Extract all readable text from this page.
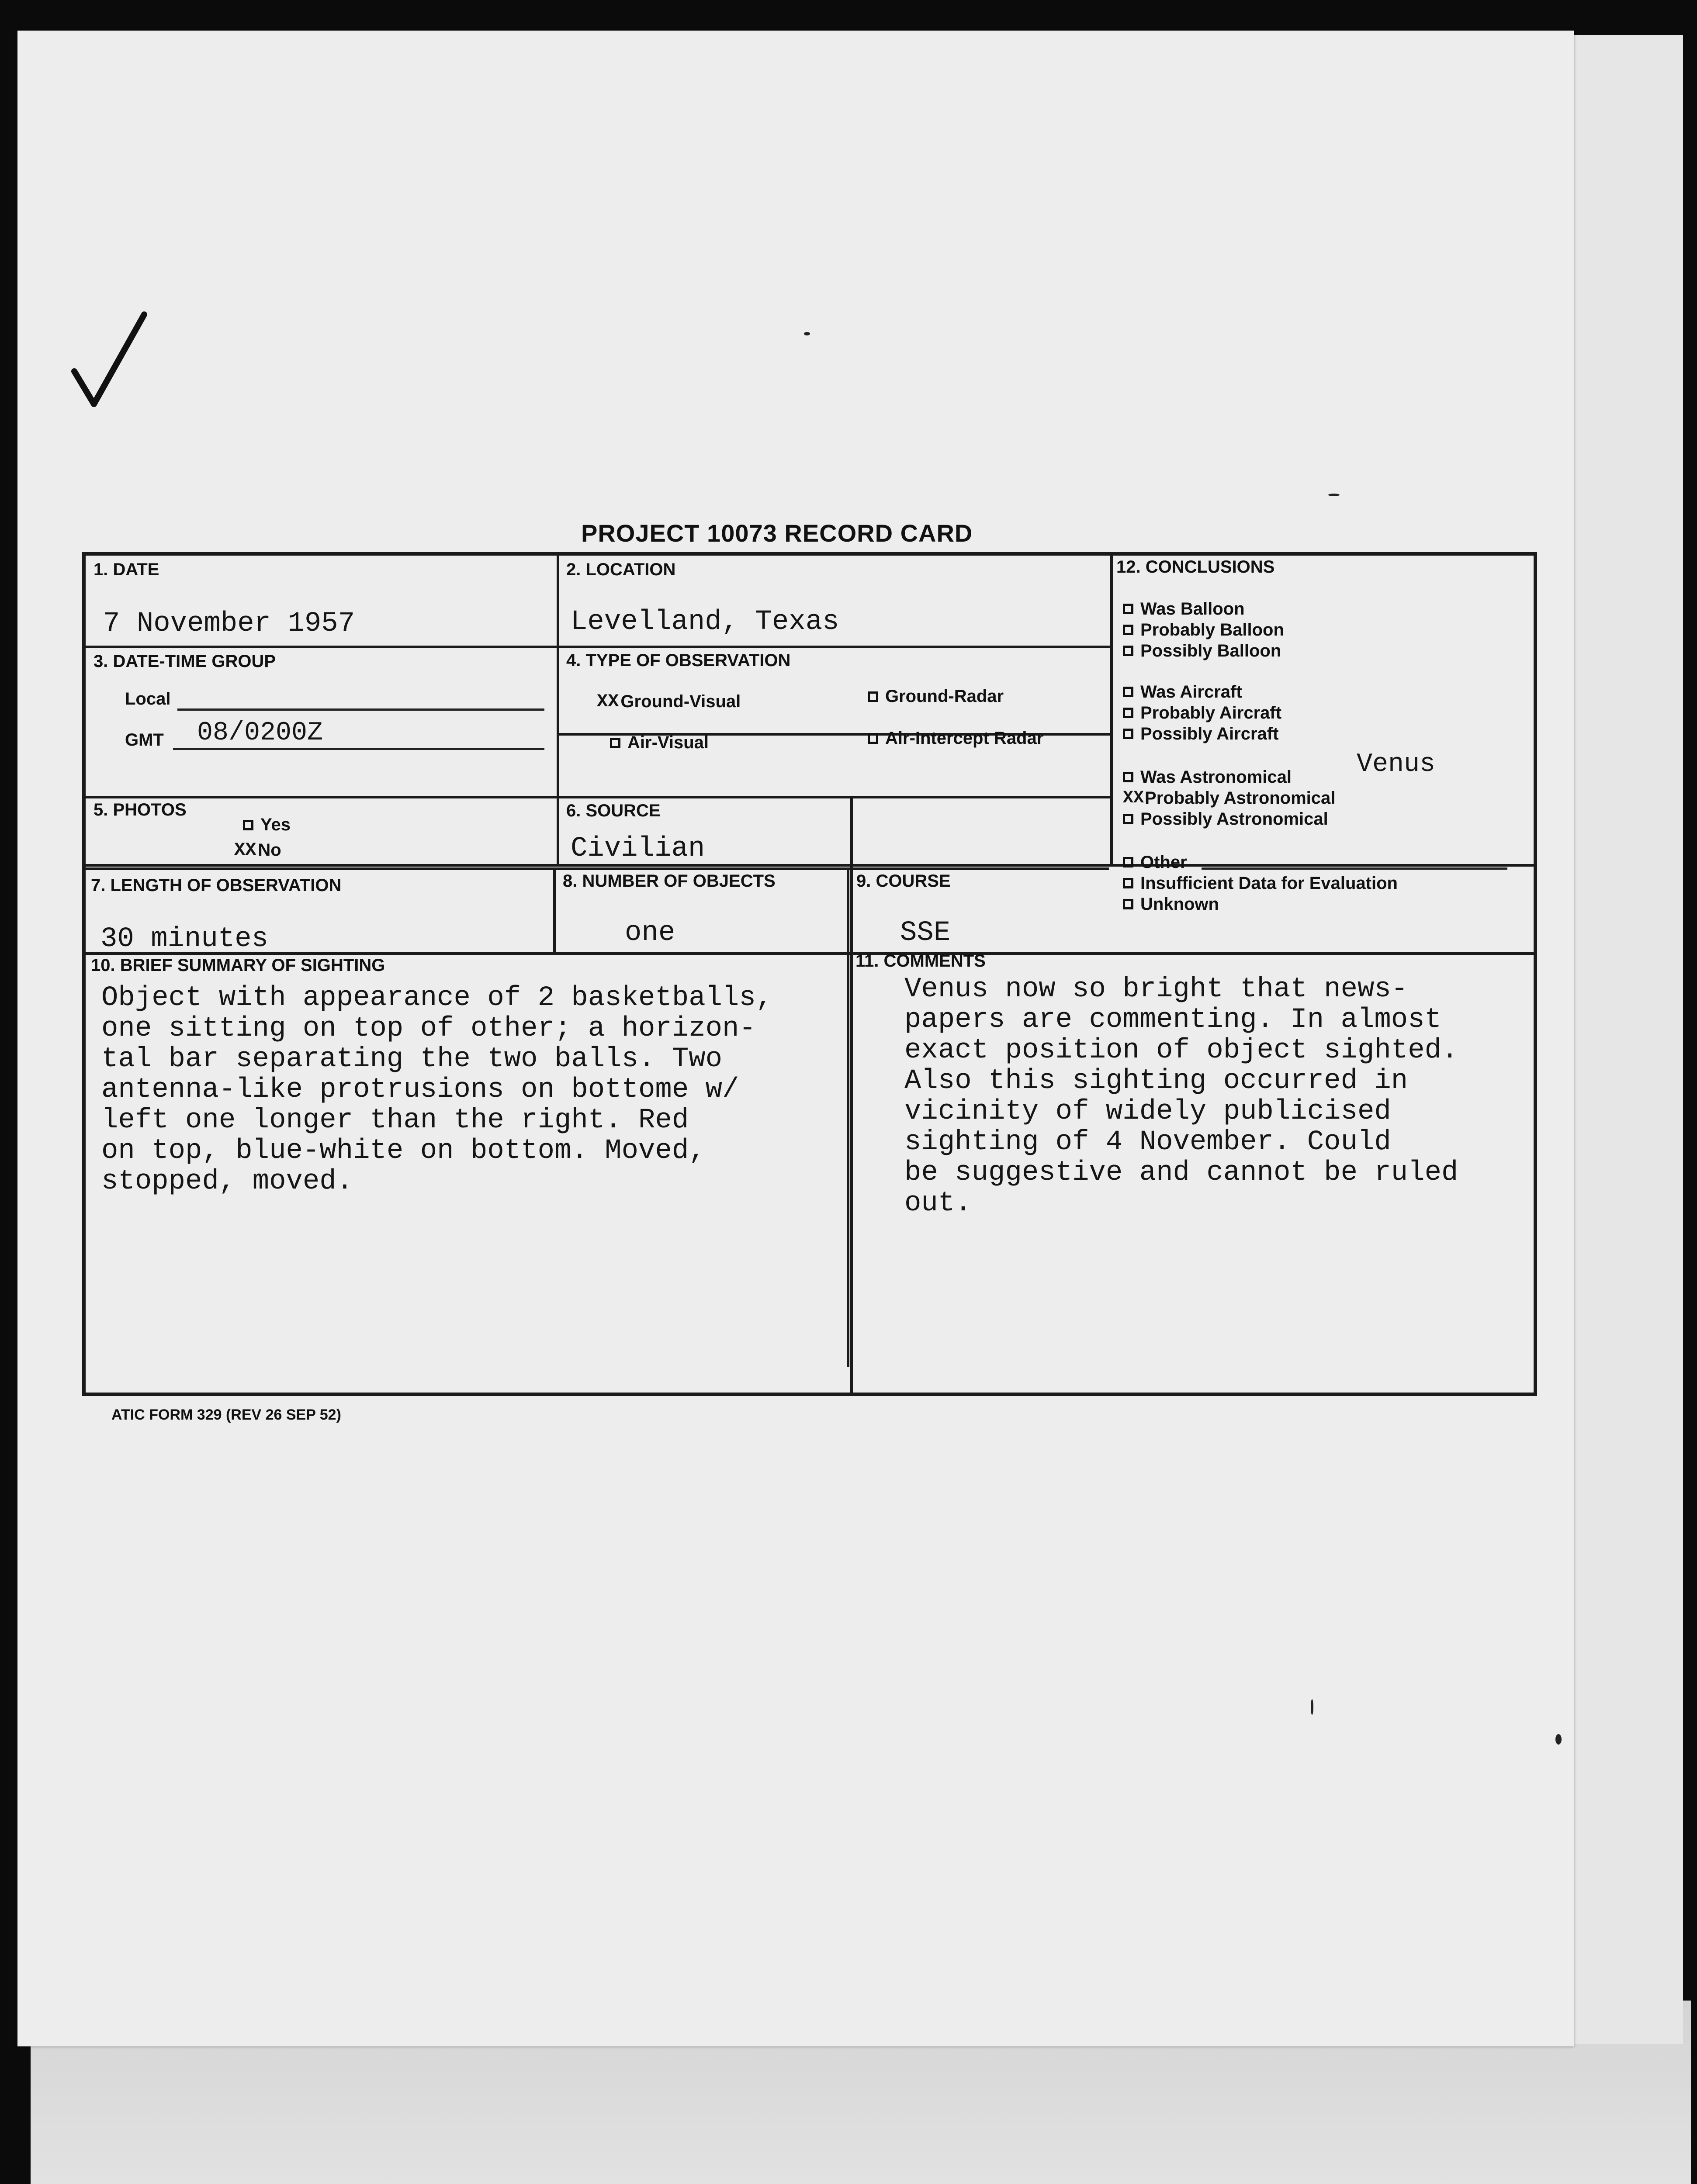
PROJECT 10073 RECORD CARD
1. DATE
7 November 1957
2. LOCATION
Levelland, Texas
3. DATE-TIME GROUP
Local
GMT 08/0200Z
4. TYPE OF OBSERVATION
XX Ground-Visual	Ground-Radar
Air-Visual	Air-Intercept Radar
5. PHOTOS
Yes
XX No
6. SOURCE
Civilian
7. LENGTH OF OBSERVATION
30 minutes
8. NUMBER OF OBJECTS
one
9. COURSE
SSE
10. BRIEF SUMMARY OF SIGHTING
Object with appearance of 2 basketballs,
one sitting on top of other; a horizon-
tal bar separating the two balls. Two
antenna-like protrusions on bottome w/
left one longer than the right. Red
on top, blue-white on bottom. Moved,
stopped, moved.
11. COMMENTS
Venus now so bright that news-
papers are commenting. In almost
exact position of object sighted.
Also this sighting occurred in
vicinity of widely publicised
sighting of 4 November. Could
be suggestive and cannot be ruled
out.
12. CONCLUSIONS
Was Balloon
Probably Balloon
Possibly Balloon
Was Aircraft
Probably Aircraft
Possibly Aircraft
Was Astronomical
XX Probably Astronomical
Possibly Astronomical
Venus
Other
Insufficient Data for Evaluation
Unknown
ATIC FORM 329 (REV 26 SEP 52)
